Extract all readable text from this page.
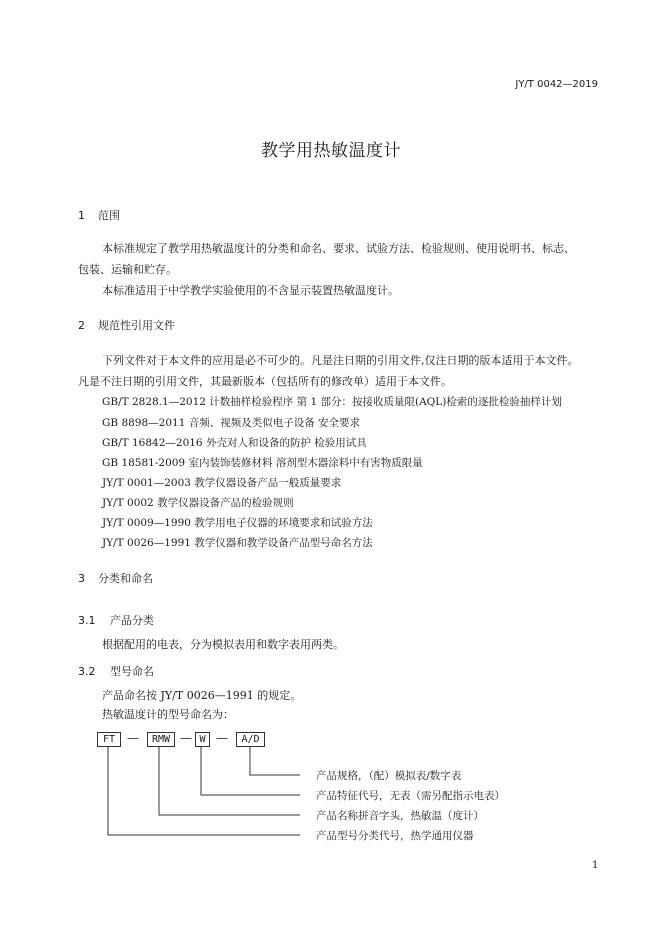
JY/T 0042—2019
教学用热敏温度计
1 范围
本标准规定了教学用热敏温度计的分类和命名、要求、试验方法、检验规则、使用说明书、标志、
包装、运输和贮存。
本标准适用于中学教学实验使用的不含显示装置热敏温度计。
2 规范性引用文件
下列文件对于本文件的应用是必不可少的。凡是注日期的引用文件,仅注日期的版本适用于本文件。
凡是不注日期的引用文件，其最新版本（包括所有的修改单）适用于本文件。
GB/T 2828.1—2012 计数抽样检验程序 第 1 部分：按接收质量限(AQL)检索的逐批检验抽样计划
GB 8898—2011 音频、视频及类似电子设备 安全要求
GB/T 16842—2016 外壳对人和设备的防护 检验用试具
GB 18581-2009 室内装饰装修材料 溶剂型木器涂料中有害物质限量
JY/T 0001—2003 教学仪器设备产品一般质量要求
JY/T 0002 教学仪器设备产品的检验规则
JY/T 0009—1990 教学用电子仪器的环境要求和试验方法
JY/T 0026—1991 教学仪器和教学设备产品型号命名方法
3 分类和命名
3.1 产品分类
根据配用的电表，分为模拟表用和数字表用两类。
3.2 型号命名
产品命名按 JY/T 0026—1991 的规定。
热敏温度计的型号命名为：
FT —	RMW — W —	A/D
产品规格，（配）模拟表/数字表
产品特征代号，无表（需另配指示电表）
产品名称拼音字头，热敏温（度计）
产品型号分类代号，热学通用仪器
1
